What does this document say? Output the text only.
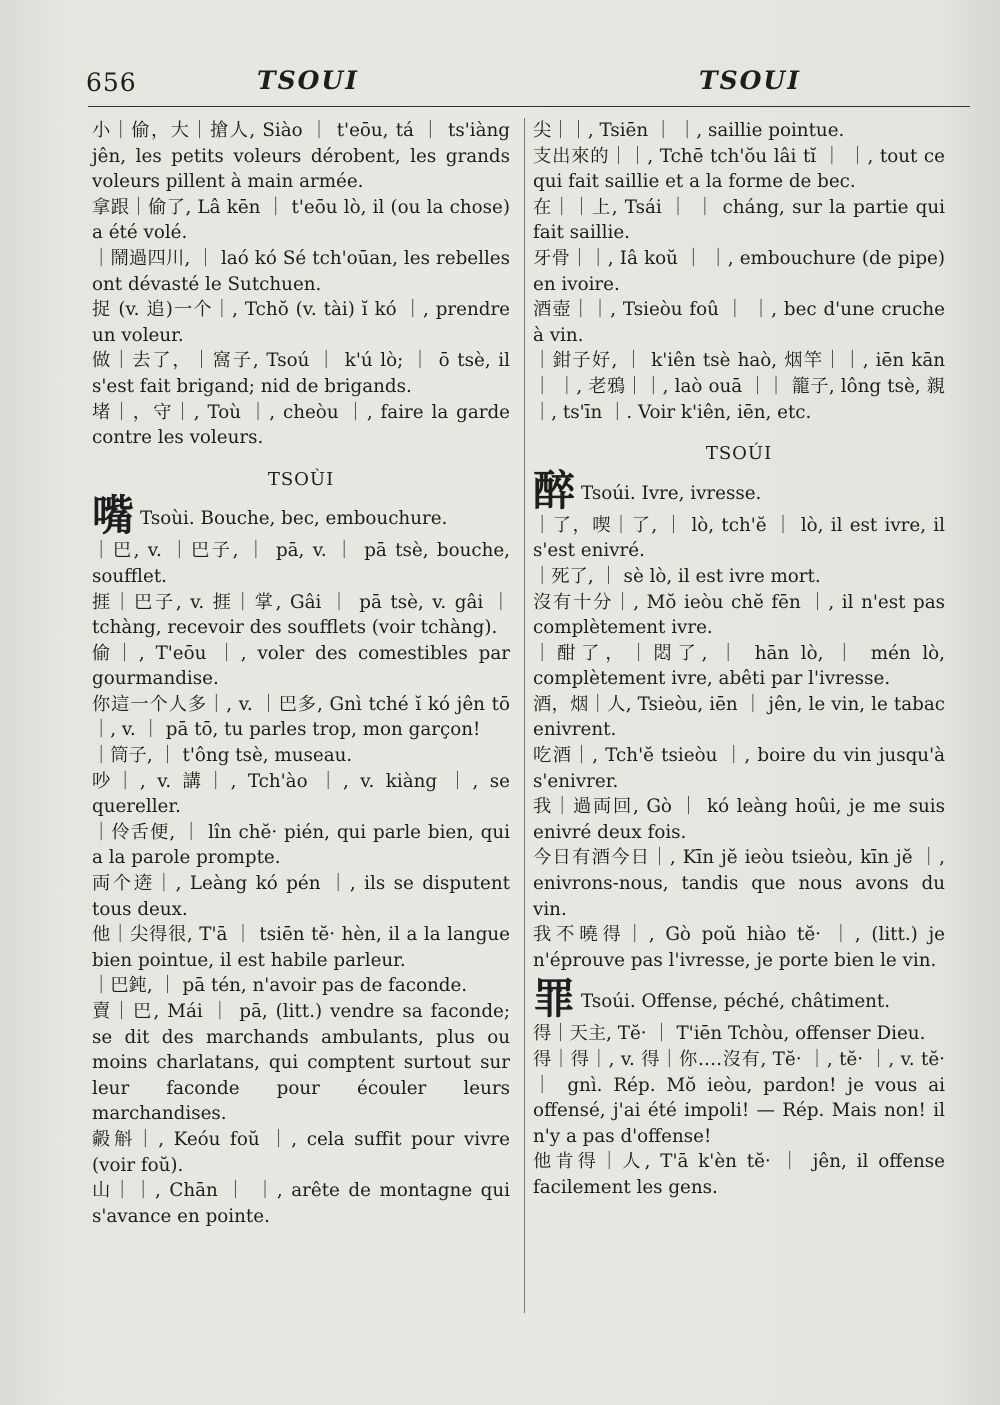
656	TSOUI	TSOUI

小｜偷，大｜搶人, Siào ｜ t'eōu, tá ｜ ts'iàng jên, les petits voleurs dérobent, les grands voleurs pillent à main armée.

拿跟｜偷了, Lâ kēn ｜ t'eōu lò, il (ou la chose) a été volé.

｜鬧過四川, ｜ laó kó Sé tch'oūan, les rebelles ont dévasté le Sutchuen.

捉 (v. 追)一个｜, Tchŏ (v. tài) ĭ kó ｜, prendre un voleur.

做｜去了，｜窩子, Tsoú ｜ k'ú lò; ｜ ō tsè, il s'est fait brigand; nid de brigands.

堵｜，守｜, Toù ｜, cheòu ｜, faire la garde contre les voleurs.

TSOÙI

嘴 Tsoùi. Bouche, bec, embouchure.

｜巴, v. ｜巴子, ｜ pā, v. ｜ pā tsè, bouche, soufflet.

捱｜巴子, v. 捱｜掌, Gâi ｜ pā tsè, v. gâi ｜ tchàng, recevoir des soufflets (voir tchàng).

偷｜, T'eōu ｜, voler des comestibles par gourmandise.

你這一个人多｜, v. ｜巴多, Gnì tché ĭ kó jên tō ｜, v. ｜ pā tō, tu parles trop, mon garçon!

｜筒子, ｜ t'ông tsè, museau.

吵｜, v. 講｜, Tch'ào ｜, v. kiàng ｜, se quereller.

｜伶舌便, ｜ lîn chĕ· pién, qui parle bien, qui a la parole prompte.

両个逩｜, Leàng kó pén ｜, ils se disputent tous deux.

他｜尖得很, T'ā ｜ tsiēn tĕ· hèn, il a la langue bien pointue, il est habile parleur.

｜巴鈍, ｜ pā tén, n'avoir pas de faconde.

賣｜巴, Mái ｜ pā, (litt.) vendre sa faconde; se dit des marchands ambulants, plus ou moins charlatans, qui comptent surtout sur leur faconde pour écouler leurs marchandises.

㲉斛｜, Keóu foŭ ｜, cela suffit pour vivre (voir foŭ).

山｜｜, Chān ｜ ｜, arête de montagne qui s'avance en pointe.

尖｜｜, Tsiēn ｜ ｜, saillie pointue.

支出來的｜｜, Tchē tch'ŏu lâi tĭ ｜ ｜, tout ce qui fait saillie et a la forme de bec.

在｜｜上, Tsái ｜ ｜ cháng, sur la partie qui fait saillie.

牙骨｜｜, Iâ koŭ ｜ ｜, embouchure (de pipe) en ivoire.

酒壺｜｜, Tsieòu foû ｜ ｜, bec d'une cruche à vin.

｜鉗子好, ｜ k'iên tsè haò, 烟竿｜｜, iēn kān ｜ ｜, 老鴉｜｜, laò ouā ｜｜ 籠子, lông tsè, 親｜, ts'īn ｜. Voir k'iên, iēn, etc.

TSOÚI

醉 Tsoúi. Ivre, ivresse.

｜了，喫｜了, ｜ lò, tch'ĕ ｜ lò, il est ivre, il s'est enivré.

｜死了, ｜ sè lò, il est ivre mort.

沒有十分｜, Mŏ ieòu chĕ fēn ｜, il n'est pas complètement ivre.

｜酣了，｜悶了, ｜ hān lò, ｜ mén lò, complètement ivre, abêti par l'ivresse.

酒，烟｜人, Tsieòu, iēn ｜ jên, le vin, le tabac enivrent.

吃酒｜, Tch'ĕ tsieòu ｜, boire du vin jusqu'à s'enivrer.

我｜過両回, Gò ｜ kó leàng hoûi, je me suis enivré deux fois.

今日有酒今日｜, Kīn jĕ ieòu tsieòu, kīn jĕ ｜, enivrons-nous, tandis que nous avons du vin.

我不曉得｜, Gò poŭ hiào tĕ· ｜, (litt.) je n'éprouve pas l'ivresse, je porte bien le vin.

罪 Tsoúi. Offense, péché, châtiment.

得｜天主, Tĕ· ｜ T'iēn Tchòu, offenser Dieu.

得｜得｜, v. 得｜你….沒有, Tĕ· ｜, tĕ· ｜, v. tĕ· ｜ gnì. Rép. Mŏ ieòu, pardon! je vous ai offensé, j'ai été impoli! — Rép. Mais non! il n'y a pas d'offense!

他肯得｜人, T'ā k'èn tĕ· ｜ jên, il offense facilement les gens.
